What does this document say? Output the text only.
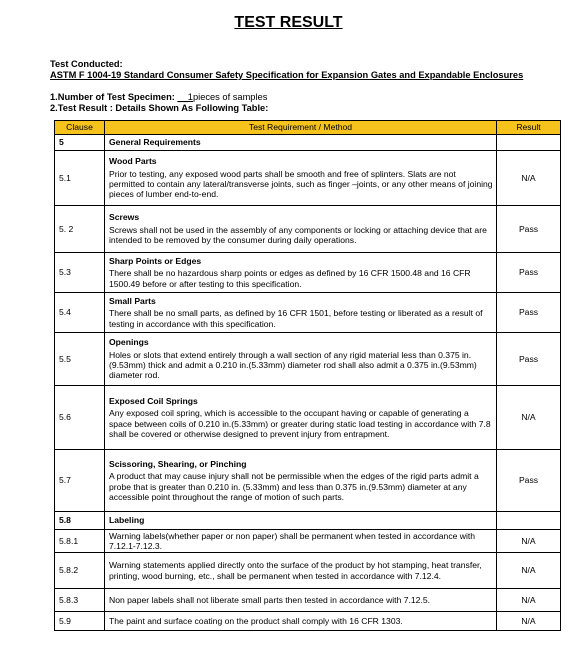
TEST RESULT
Test Conducted:
ASTM F 1004-19 Standard Consumer Safety Specification for Expansion Gates and Expandable Enclosures
1.Number of Test Specimen: __1pieces of samples
2.Test Result : Details Shown As Following Table:
Clause	Test Requirement / Method	Result
5	General Requirements	

5.1	Wood Parts
Prior to testing, any exposed wood parts shall be smooth and free of splinters. Slats are not permitted to contain any lateral/transverse joints, such as finger –joints, or any other means of joining pieces of lumber end-to-end.	N/A
5. 2	Screws
Screws shall not be used in the assembly of any components or locking or attaching device that are intended to be removed by the consumer during daily operations.	Pass
5.3	Sharp Points or Edges
There shall be no hazardous sharp points or edges as defined by 16 CFR 1500.48 and 16 CFR 1500.49 before or after testing to this specification.	Pass
5.4	Small Parts
There shall be no small parts, as defined by 16 CFR 1501, before testing or liberated as a result of testing in accordance with this specification.	Pass
5.5	Openings
Holes or slots that extend entirely through a wall section of any rigid material less than 0.375 in.(9.53mm) thick and admit a 0.210 in.(5.33mm) diameter rod shall also admit a 0.375 in.(9.53mm) diameter rod.	Pass
5.6	Exposed Coil Springs
Any exposed coil spring, which is accessible to the occupant having or capable of generating a space between coils of 0.210 in.(5.33mm) or greater during static load testing in accordance with 7.8 shall be covered or otherwise designed to prevent injury from entrapment.	N/A
5.7	Scissoring, Shearing, or Pinching
A product that may cause injury shall not be permissible when the edges of the rigid parts admit a probe that is greater than 0.210 in. (5.33mm) and less than 0.375 in.(9.53mm) diameter at any accessible point throughout the range of motion of such parts.	Pass
5.8	Labeling	

5.8.1	Warning labels(whether paper or non paper) shall be permanent when tested in accordance with 7.12.1-7.12.3.	N/A
5.8.2	Warning statements applied directly onto the surface of the product by hot stamping, heat transfer, printing, wood burning, etc., shall be permanent when tested in accordance with 7.12.4.	N/A
5.8.3	Non paper labels shall not liberate small parts then tested in accordance with 7.12.5.	N/A
5.9	The paint and surface coating on the product shall comply with 16 CFR 1303.	N/A
